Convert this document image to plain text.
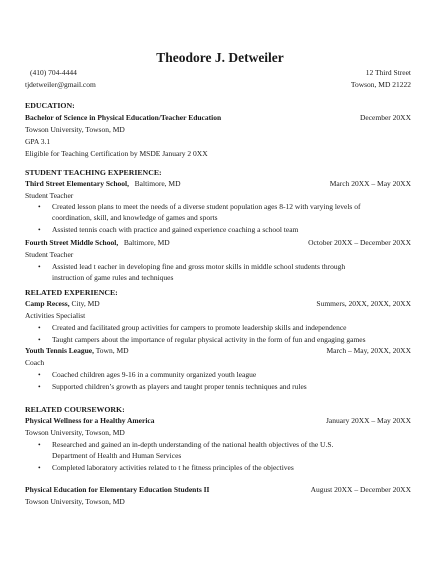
Theodore J. Detweiler
(410) 704-4444
tjdetweiler@gmail.com
12 Third Street
Towson, MD 21222
EDUCATION:
Bachelor of Science in Physical Education/Teacher Education	December 20XX
Towson University, Towson, MD
GPA 3.1
Eligible for Teaching Certification by MSDE January 2 0XX
STUDENT TEACHING EXPERIENCE:
Third Street Elementary School, Baltimore, MD	March 20XX – May 20XX
Student Teacher
• Created lesson plans to meet the needs of a diverse student population ages 8-12 with varying levels of
coordination, skill, and knowledge of games and sports
• Assisted tennis coach with practice and gained experience coaching a school team
Fourth Street Middle School, Baltimore, MD	October 20XX – December 20XX
Student Teacher
• Assisted lead t eacher in developing fine and gross motor skills in middle school students through
instruction of game rules and techniques
RELATED EXPERIENCE:
Camp Recess, City, MD	Summers, 20XX, 20XX, 20XX
Activities Specialist
• Created and facilitated group activities for campers to promote leadership skills and independence
• Taught campers about the importance of regular physical activity in the form of fun and engaging games
Youth Tennis League, Town, MD	March – May, 20XX, 20XX
Coach
• Coached children ages 9-16 in a community organized youth league
• Supported children’s growth as players and taught proper tennis techniques and rules
RELATED COURSEWORK:
Physical Wellness for a Healthy America	January 20XX – May 20XX
Towson University, Towson, MD
• Researched and gained an in-depth understanding of the national health objectives of the U.S.
Department of Health and Human Services
• Completed laboratory activities related to t he fitness principles of the objectives
Physical Education for Elementary Education Students II	August 20XX – December 20XX
Towson University, Towson, MD
